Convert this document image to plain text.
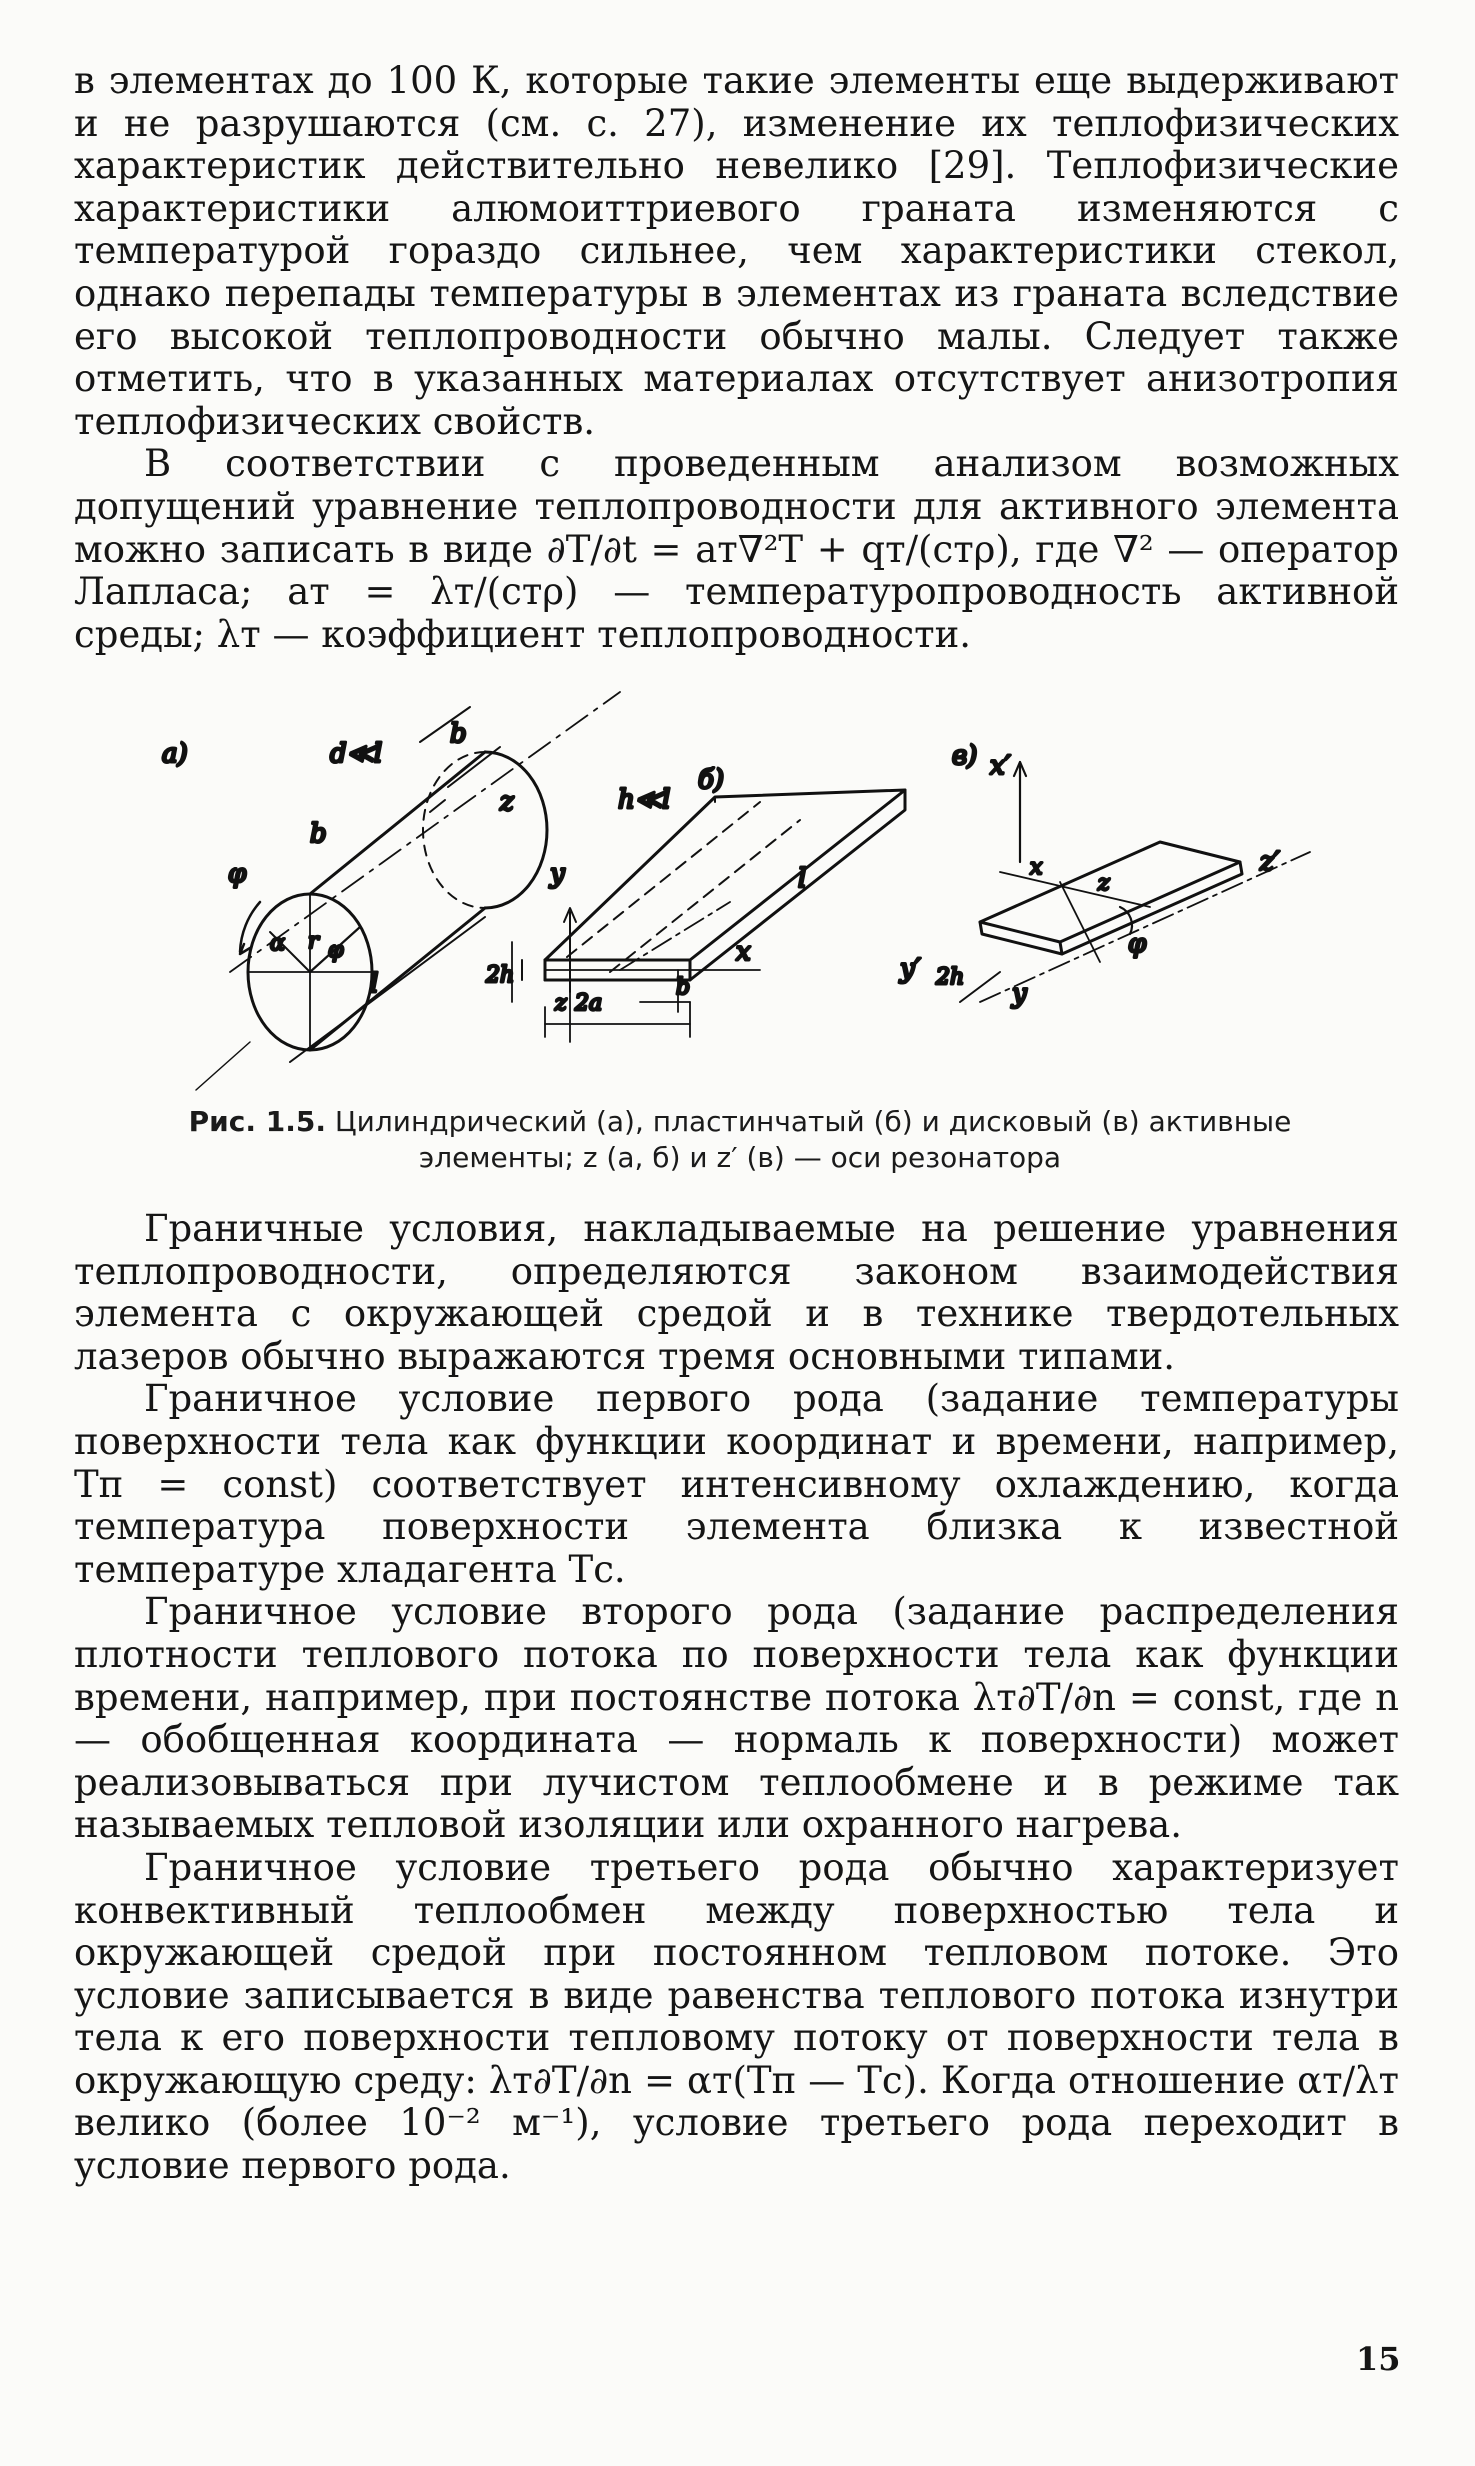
в элементах до 100 К, которые такие элементы еще выдерживают и не разрушаются (см. с. 27), изменение их теплофизических характеристик действительно невелико [29]. Теплофизические характеристики алюмоиттриевого граната изменяются с температурой гораздо сильнее, чем характеристики стекол, однако перепады температуры в элементах из граната вследствие его высокой теплопроводности обычно малы. Следует также отметить, что в указанных материалах отсутствует анизотропия теплофизических свойств.

В соответствии с проведенным анализом возможных допущений уравнение теплопроводности для активного элемента можно записать в виде ∂T/∂t = aт∇²T + qт/(cтρ), где ∇² — оператор Лапласа; aт = λт/(cтρ) — температуропроводность активной среды; λт — коэффициент теплопроводности.

а)	d≪l
b
z
b
φ
α r φ
l
h≪l
б)
y	l
x
2h
z 2a
b
в) x′
z′
y′ 2h
x
z
y
φ
Рис. 1.5. Цилиндрический (а), пластинчатый (б) и дисковый (в) активные элементы; z (а, б) и z′ (в) — оси резонатора

Граничные условия, накладываемые на решение уравнения теплопроводности, определяются законом взаимодействия элемента с окружающей средой и в технике твердотельных лазеров обычно выражаются тремя основными типами.

Граничное условие первого рода (задание температуры поверхности тела как функции координат и времени, например, Tп = const) соответствует интенсивному охлаждению, когда температура поверхности элемента близка к известной температуре хладагента Tс.

Граничное условие второго рода (задание распределения плотности теплового потока по поверхности тела как функции времени, например, при постоянстве потока λт∂T/∂n = const, где n — обобщенная координата — нормаль к поверхности) может реализовываться при лучистом теплообмене и в режиме так называемых тепловой изоляции или охранного нагрева.

Граничное условие третьего рода обычно характеризует конвективный теплообмен между поверхностью тела и окружающей средой при постоянном тепловом потоке. Это условие записывается в виде равенства теплового потока изнутри тела к его поверхности тепловому потоку от поверхности тела в окружающую среду: λт∂T/∂n = αт(Tп — Tс). Когда отношение αт/λт велико (более 10⁻² м⁻¹), условие третьего рода переходит в условие первого рода.

15
